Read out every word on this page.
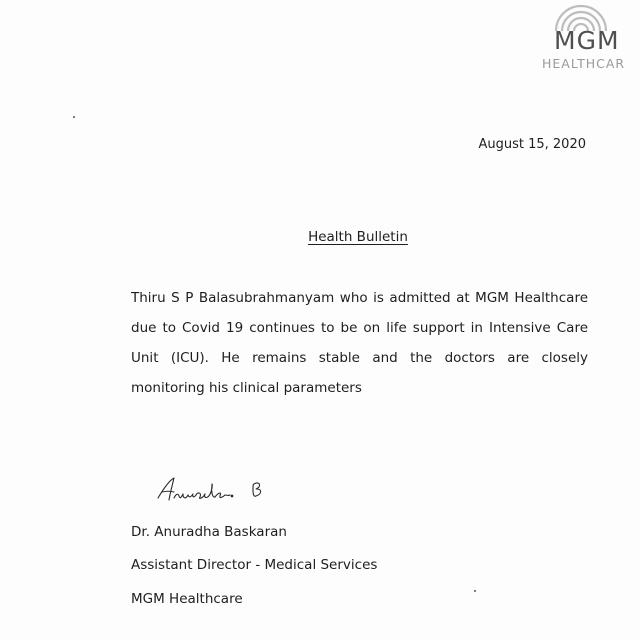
MGM
HEALTHCAR
August 15, 2020
Health Bulletin
Thiru S P Balasubrahmanyam who is admitted at MGM Healthcare due to Covid 19 continues to be on life support in Intensive Care Unit (ICU). He remains stable and the doctors are closely monitoring his clinical parameters
Dr. Anuradha Baskaran
Assistant Director - Medical Services
MGM Healthcare
